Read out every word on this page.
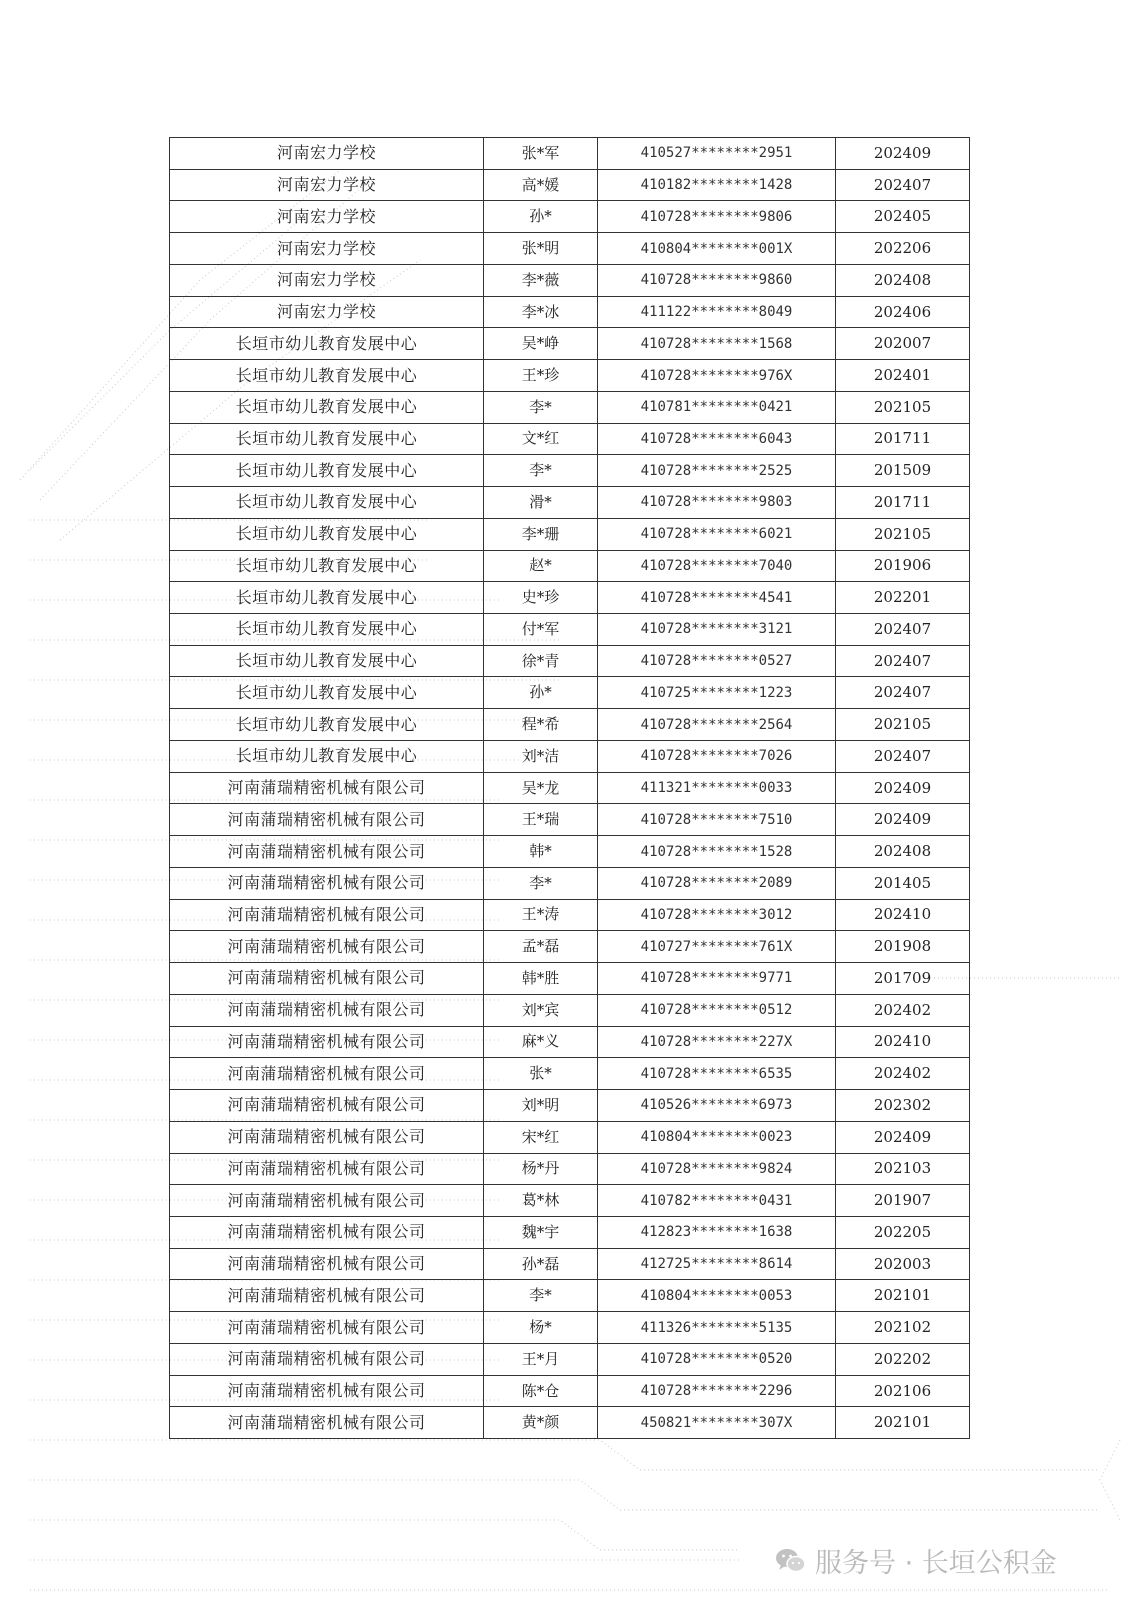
河南宏力学校	张*军	410527********2951	202409
河南宏力学校	高*媛	410182********1428	202407
河南宏力学校	孙*	410728********9806	202405
河南宏力学校	张*明	410804********001X	202206
河南宏力学校	李*薇	410728********9860	202408
河南宏力学校	李*冰	411122********8049	202406
长垣市幼儿教育发展中心	吴*峥	410728********1568	202007
长垣市幼儿教育发展中心	王*珍	410728********976X	202401
长垣市幼儿教育发展中心	李*	410781********0421	202105
长垣市幼儿教育发展中心	文*红	410728********6043	201711
长垣市幼儿教育发展中心	李*	410728********2525	201509
长垣市幼儿教育发展中心	滑*	410728********9803	201711
长垣市幼儿教育发展中心	李*珊	410728********6021	202105
长垣市幼儿教育发展中心	赵*	410728********7040	201906
长垣市幼儿教育发展中心	史*珍	410728********4541	202201
长垣市幼儿教育发展中心	付*军	410728********3121	202407
长垣市幼儿教育发展中心	徐*青	410728********0527	202407
长垣市幼儿教育发展中心	孙*	410725********1223	202407
长垣市幼儿教育发展中心	程*希	410728********2564	202105
长垣市幼儿教育发展中心	刘*洁	410728********7026	202407
河南蒲瑞精密机械有限公司	吴*龙	411321********0033	202409
河南蒲瑞精密机械有限公司	王*瑞	410728********7510	202409
河南蒲瑞精密机械有限公司	韩*	410728********1528	202408
河南蒲瑞精密机械有限公司	李*	410728********2089	201405
河南蒲瑞精密机械有限公司	王*涛	410728********3012	202410
河南蒲瑞精密机械有限公司	孟*磊	410727********761X	201908
河南蒲瑞精密机械有限公司	韩*胜	410728********9771	201709
河南蒲瑞精密机械有限公司	刘*宾	410728********0512	202402
河南蒲瑞精密机械有限公司	麻*义	410728********227X	202410
河南蒲瑞精密机械有限公司	张*	410728********6535	202402
河南蒲瑞精密机械有限公司	刘*明	410526********6973	202302
河南蒲瑞精密机械有限公司	宋*红	410804********0023	202409
河南蒲瑞精密机械有限公司	杨*丹	410728********9824	202103
河南蒲瑞精密机械有限公司	葛*林	410782********0431	201907
河南蒲瑞精密机械有限公司	魏*宇	412823********1638	202205
河南蒲瑞精密机械有限公司	孙*磊	412725********8614	202003
河南蒲瑞精密机械有限公司	李*	410804********0053	202101
河南蒲瑞精密机械有限公司	杨*	411326********5135	202102
河南蒲瑞精密机械有限公司	王*月	410728********0520	202202
河南蒲瑞精密机械有限公司	陈*仓	410728********2296	202106
河南蒲瑞精密机械有限公司	黄*颜	450821********307X	202101
服务号 · 长垣公积金
